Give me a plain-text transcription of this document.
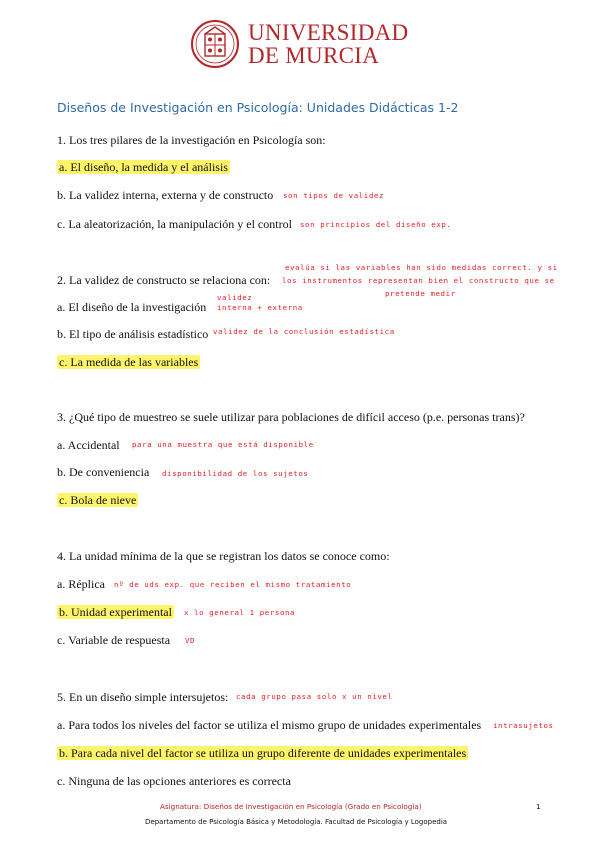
UNIVERSIDAD
DE MURCIA
Diseños de Investigación en Psicología: Unidades Didácticas 1-2
1. Los tres pilares de la investigación en Psicología son:
a. El diseño, la medida y el análisis
b. La validez interna, externa y de constructo son tipos de validez
c. La aleatorización, la manipulación y el control son principios del diseño exp.
2. La validez de constructo se relaciona con:
evalúa si las variables han sido medidas correct. y si
los instrumentos representan bien el constructo que se
pretende medir
a. El diseño de la investigación
validez
interna + externa
b. El tipo de análisis estadístico validez de la conclusión estadística
c. La medida de las variables
3. ¿Qué tipo de muestreo se suele utilizar para poblaciones de difícil acceso (p.e. personas trans)?
a. Accidental para una muestra que está disponible
b. De conveniencia disponibilidad de los sujetos
c. Bola de nieve
4. La unidad mínima de la que se registran los datos se conoce como:
a. Réplica nº de uds exp. que reciben el mismo tratamiento
b. Unidad experimental x lo general 1 persona
c. Variable de respuesta VD
5. En un diseño simple intersujetos: cada grupo pasa solo x un nivel
a. Para todos los niveles del factor se utiliza el mismo grupo de unidades experimentales intrasujetos
b. Para cada nivel del factor se utiliza un grupo diferente de unidades experimentales
c. Ninguna de las opciones anteriores es correcta
Asignatura: Diseños de Investigación en Psicología (Grado en Psicología)	1
Departamento de Psicología Básica y Metodología. Facultad de Psicología y Logopedia
